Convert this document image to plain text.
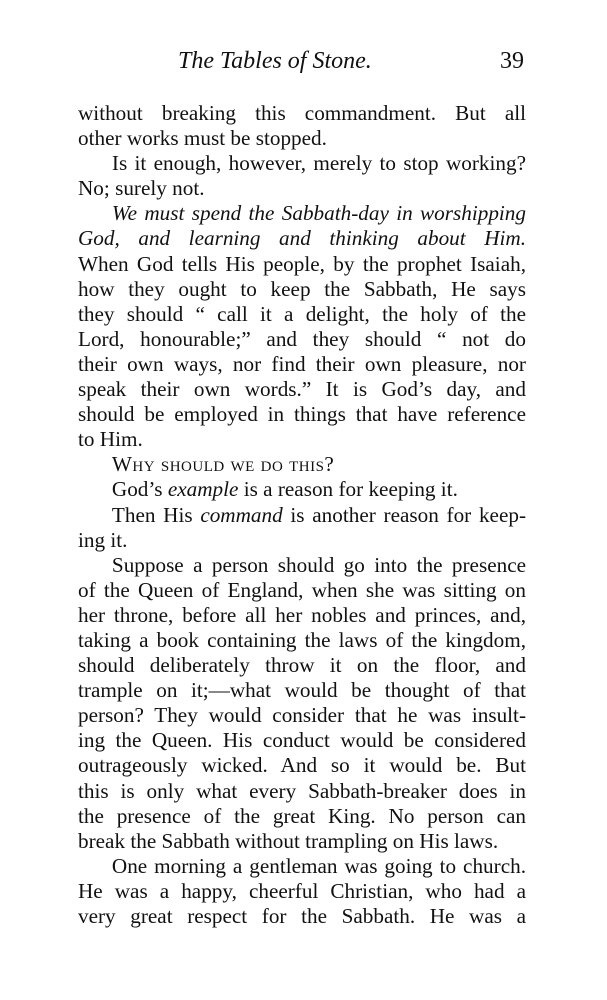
The Tables of Stone.	39

without breaking this commandment. But all
other works must be stopped.

Is it enough, however, merely to stop working?
No; surely not.

We must spend the Sabbath-day in worshipping
God, and learning and thinking about Him.
When God tells His people, by the prophet Isaiah,
how they ought to keep the Sabbath, He says
they should “ call it a delight, the holy of the
Lord, honourable;” and they should “ not do
their own ways, nor find their own pleasure, nor
speak their own words.” It is God’s day, and
should be employed in things that have reference
to Him.

Why should we do this?

God’s example is a reason for keeping it.

Then His command is another reason for keep-
ing it.

Suppose a person should go into the presence
of the Queen of England, when she was sitting on
her throne, before all her nobles and princes, and,
taking a book containing the laws of the kingdom,
should deliberately throw it on the floor, and
trample on it;—what would be thought of that
person? They would consider that he was insult-
ing the Queen. His conduct would be considered
outrageously wicked. And so it would be. But
this is only what every Sabbath-breaker does in
the presence of the great King. No person can
break the Sabbath without trampling on His laws.

One morning a gentleman was going to church.
He was a happy, cheerful Christian, who had a
very great respect for the Sabbath. He was a
